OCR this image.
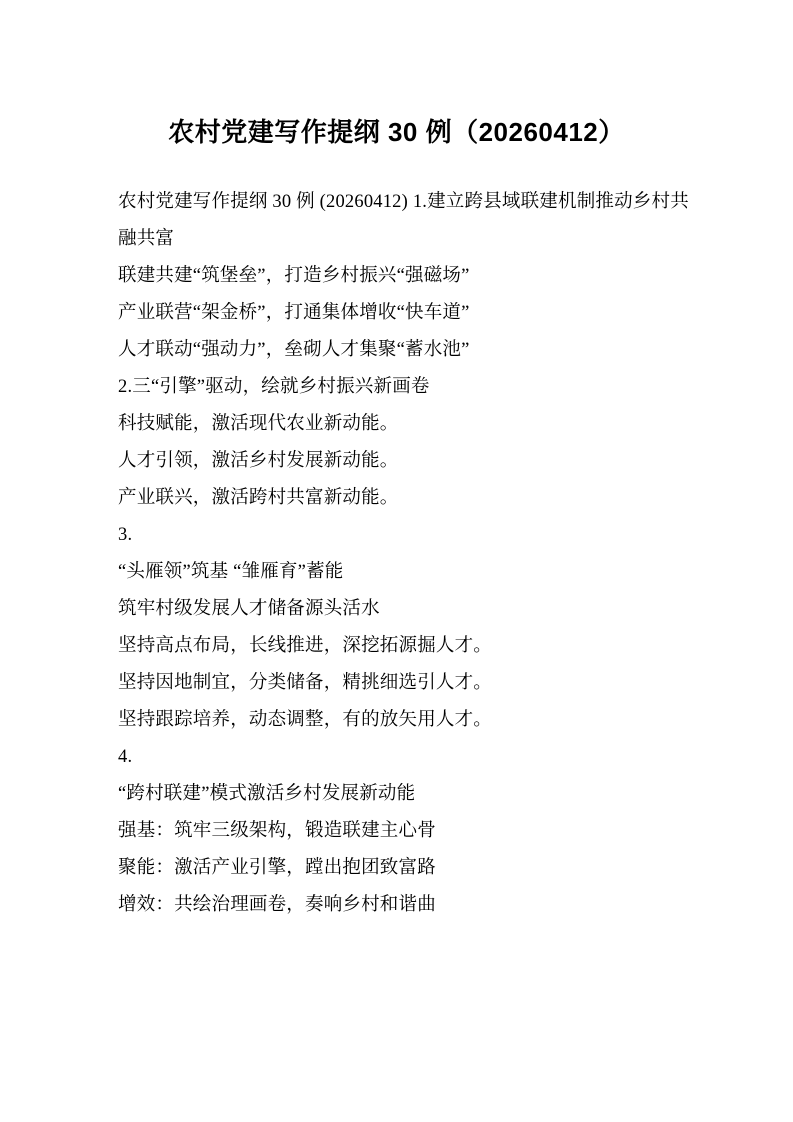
农村党建写作提纲 30 例（20260412）

农村党建写作提纲 30 例 (20260412) 1.建立跨县域联建机制推动乡村共融共富

联建共建“筑堡垒”，打造乡村振兴“强磁场”

产业联营“架金桥”，打通集体增收“快车道”

人才联动“强动力”，垒砌人才集聚“蓄水池”

2.三“引擎”驱动，绘就乡村振兴新画卷

科技赋能，激活现代农业新动能。

人才引领，激活乡村发展新动能。

产业联兴，激活跨村共富新动能。

3.

“头雁领”筑基 “雏雁育”蓄能

筑牢村级发展人才储备源头活水

坚持高点布局，长线推进，深挖拓源掘人才。

坚持因地制宜，分类储备，精挑细选引人才。

坚持跟踪培养，动态调整，有的放矢用人才。

4.

“跨村联建”模式激活乡村发展新动能

强基：筑牢三级架构，锻造联建主心骨

聚能：激活产业引擎，蹚出抱团致富路

增效：共绘治理画卷，奏响乡村和谐曲
